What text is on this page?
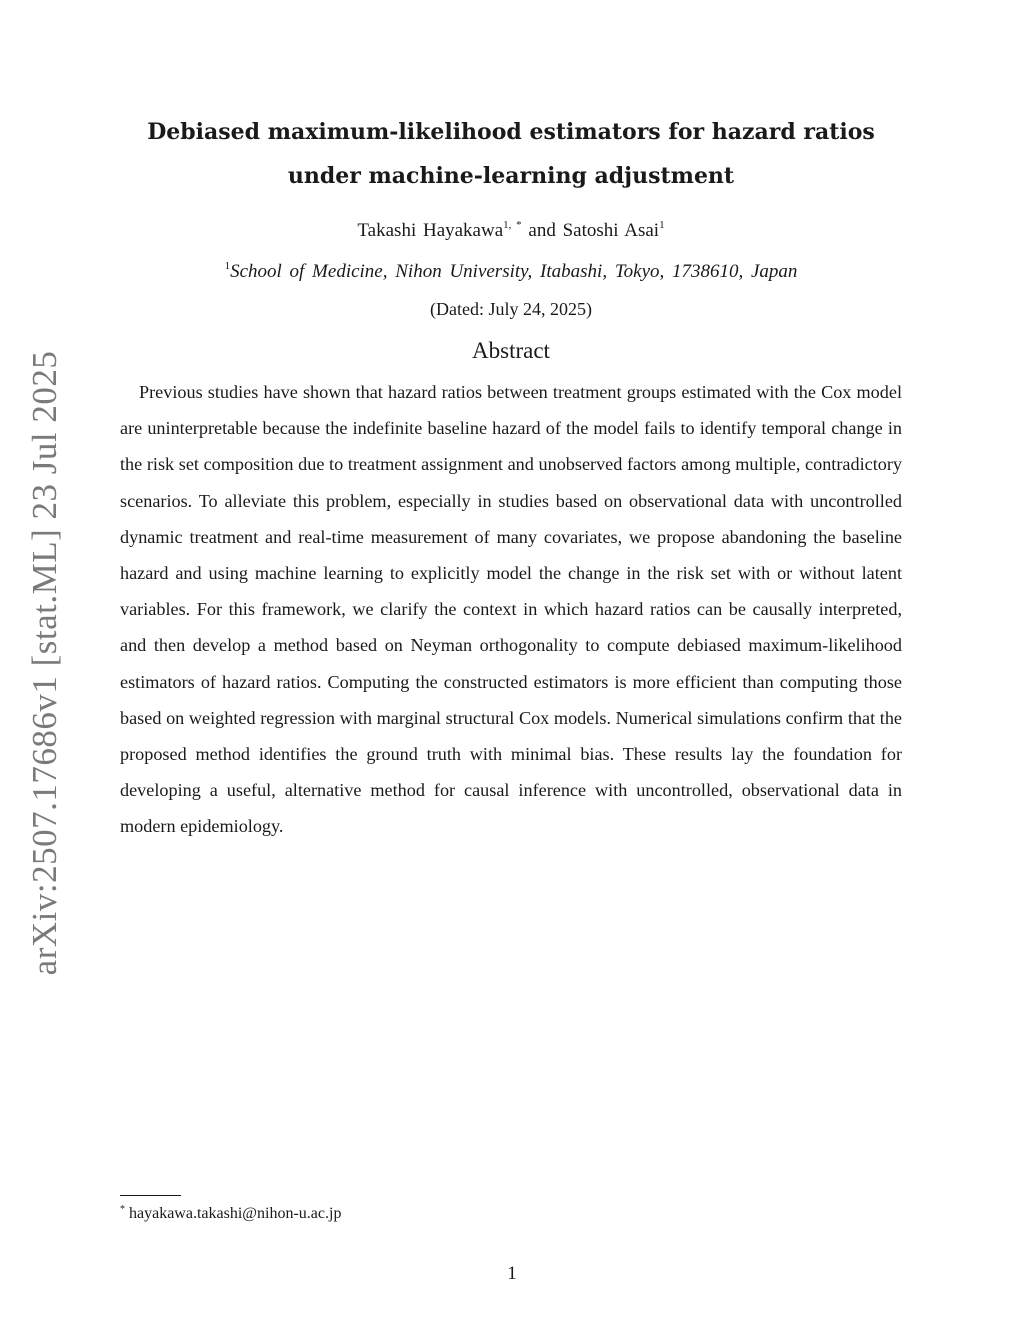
arXiv:2507.17686v1 [stat.ML] 23 Jul 2025
Debiased maximum-likelihood estimators for hazard ratios under machine-learning adjustment

Takashi Hayakawa$^{1, *}$ and Satoshi Asai$^1$

$^1$School of Medicine, Nihon University, Itabashi, Tokyo, 1738610, Japan

(Dated: July 24, 2025)

Abstract

Previous studies have shown that hazard ratios between treatment groups estimated with the Cox model are uninterpretable because the indefinite baseline hazard of the model fails to identify temporal change in the risk set composition due to treatment assignment and unobserved factors among multiple, contradictory scenarios. To alleviate this problem, especially in studies based on observational data with uncontrolled dynamic treatment and real-time measurement of many covariates, we propose abandoning the baseline hazard and using machine learning to explicitly model the change in the risk set with or without latent variables. For this framework, we clarify the context in which hazard ratios can be causally interpreted, and then develop a method based on Neyman orthogonality to compute debiased maximum-likelihood estimators of hazard ratios. Computing the constructed estimators is more efficient than computing those based on weighted regression with marginal structural Cox models. Numerical simulations confirm that the proposed method identifies the ground truth with minimal bias. These results lay the foundation for developing a useful, alternative method for causal inference with uncontrolled, observational data in modern epidemiology.

* hayakawa.takashi@nihon-u.ac.jp

1
